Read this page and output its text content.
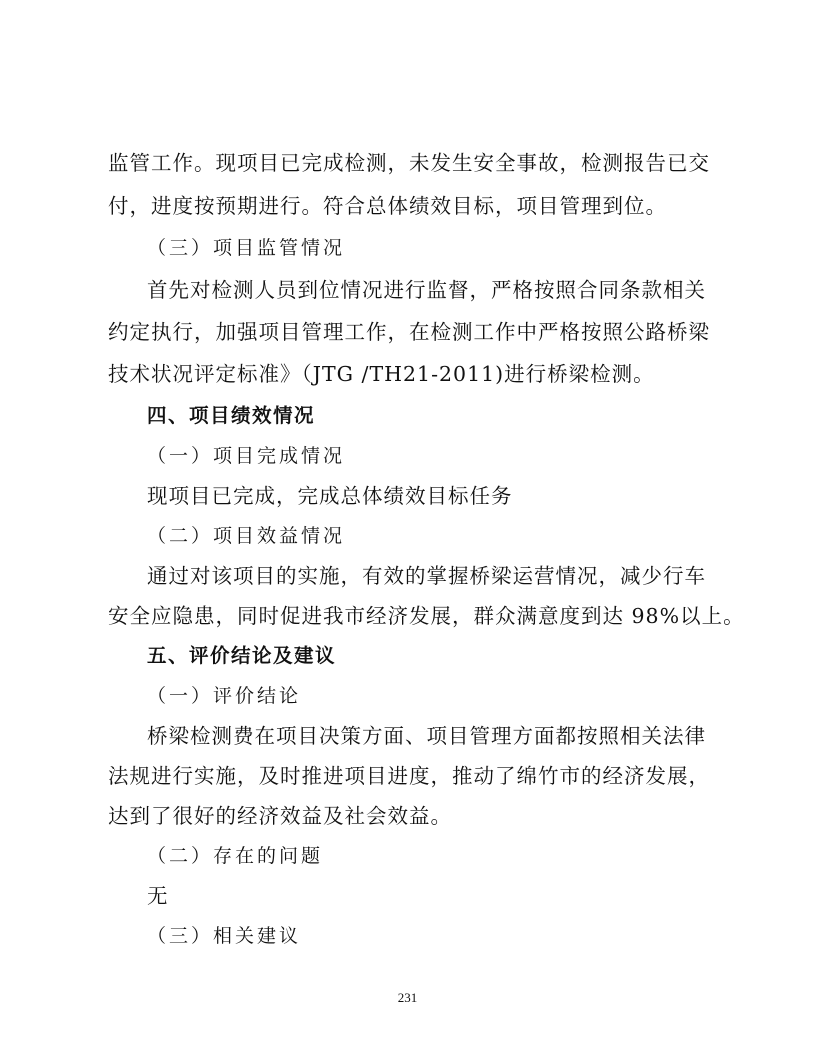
监管工作。现项目已完成检测，未发生安全事故，检测报告已交
付，进度按预期进行。符合总体绩效目标，项目管理到位。
（三）项目监管情况
首先对检测人员到位情况进行监督，严格按照合同条款相关
约定执行，加强项目管理工作，在检测工作中严格按照公路桥梁
技术状况评定标准》（JTG /TH21-2011)进行桥梁检测。
四、项目绩效情况
（一）项目完成情况
现项目已完成，完成总体绩效目标任务
（二）项目效益情况
通过对该项目的实施，有效的掌握桥梁运营情况，减少行车
安全应隐患，同时促进我市经济发展，群众满意度到达 98%以上。
五、评价结论及建议
（一）评价结论
桥梁检测费在项目决策方面、项目管理方面都按照相关法律
法规进行实施，及时推进项目进度，推动了绵竹市的经济发展，
达到了很好的经济效益及社会效益。
（二）存在的问题
无
（三）相关建议
231
